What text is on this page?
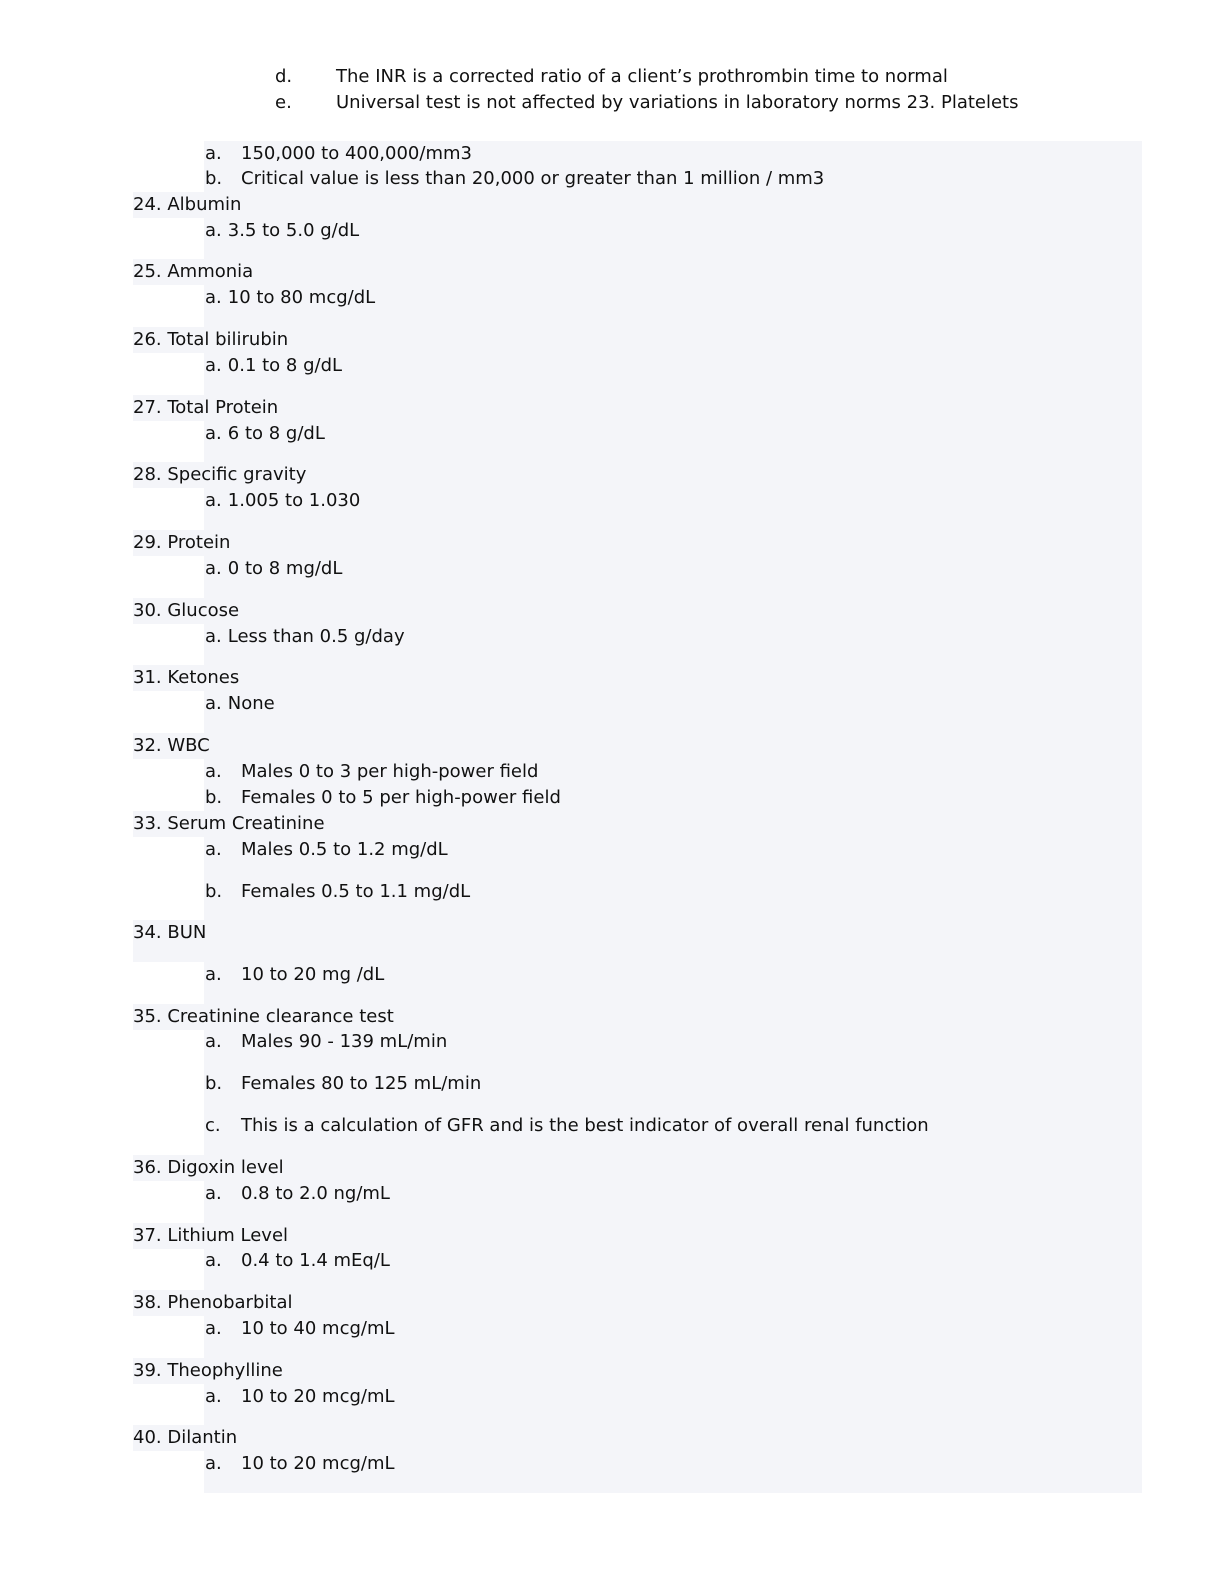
d. The INR is a corrected ratio of a client’s prothrombin time to normal
e. Universal test is not affected by variations in laboratory norms 23. Platelets
a. 150,000 to 400,000/mm3
b. Critical value is less than 20,000 or greater than 1 million / mm3
24. Albumin
a. 3.5 to 5.0 g/dL
25. Ammonia
a. 10 to 80 mcg/dL
26. Total bilirubin
a. 0.1 to 8 g/dL
27. Total Protein
a. 6 to 8 g/dL
28. Specific gravity
a. 1.005 to 1.030
29. Protein
a. 0 to 8 mg/dL
30. Glucose
a. Less than 0.5 g/day
31. Ketones
a. None
32. WBC
a. Males 0 to 3 per high-power field
b. Females 0 to 5 per high-power field
33. Serum Creatinine
a. Males 0.5 to 1.2 mg/dL
b. Females 0.5 to 1.1 mg/dL
34. BUN
a. 10 to 20 mg /dL
35. Creatinine clearance test
a. Males 90 - 139 mL/min
b. Females 80 to 125 mL/min
c. This is a calculation of GFR and is the best indicator of overall renal function
36. Digoxin level
a. 0.8 to 2.0 ng/mL
37. Lithium Level
a. 0.4 to 1.4 mEq/L
38. Phenobarbital
a. 10 to 40 mcg/mL
39. Theophylline
a. 10 to 20 mcg/mL
40. Dilantin
a. 10 to 20 mcg/mL
